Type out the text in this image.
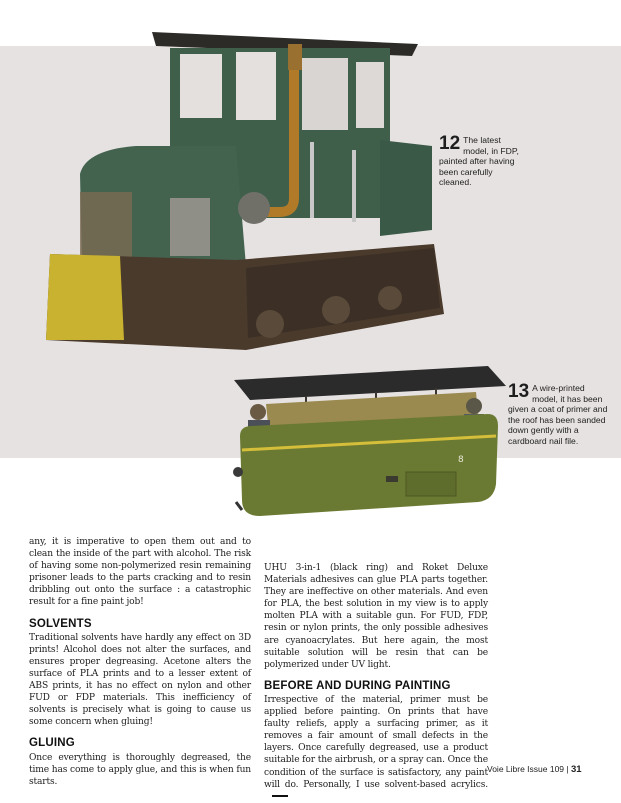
12 The latest model, in FDP, painted after having been carefully cleaned.
8
13 A wire-printed model, it has been given a coat of primer and the roof has been sanded down gently with a cardboard nail file.

any, it is imperative to open them out and to clean the inside of the part with alcohol. The risk of having some non-polymerized resin remaining prisoner leads to the parts cracking and to resin dribbling out onto the surface : a catastrophic result for a fine paint job!

SOLVENTS

Traditional solvents have hardly any effect on 3D prints! Alcohol does not alter the surfaces, and ensures proper degreasing. Acetone alters the surface of PLA prints and to a lesser extent of ABS prints, it has no effect on nylon and other FUD or FDP materials. This inefficiency of solvents is precisely what is going to cause us some concern when gluing!

GLUING

Once everything is thoroughly degreased, the time has come to apply glue, and this is when fun starts.

UHU 3-in-1 (black ring) and Roket Deluxe Materials adhesives can glue PLA parts together. They are ineffective on other materials. And even for PLA, the best solution in my view is to apply molten PLA with a suitable gun. For FUD, FDP, resin or nylon prints, the only possible adhesives are cyanoacrylates. But here again, the most suitable solution will be resin that can be polymerized under UV light.

BEFORE AND DURING PAINTING

Irrespective of the material, primer must be applied before painting. On prints that have faulty reliefs, apply a surfacing primer, as it removes a fair amount of small defects in the layers. Once carefully degreased, use a product suitable for the airbrush, or a spray can. Once the condition of the surface is satisfactory, any paint will do. Personally, I use solvent-based acrylics.

Voie Libre Issue 109 | 31
